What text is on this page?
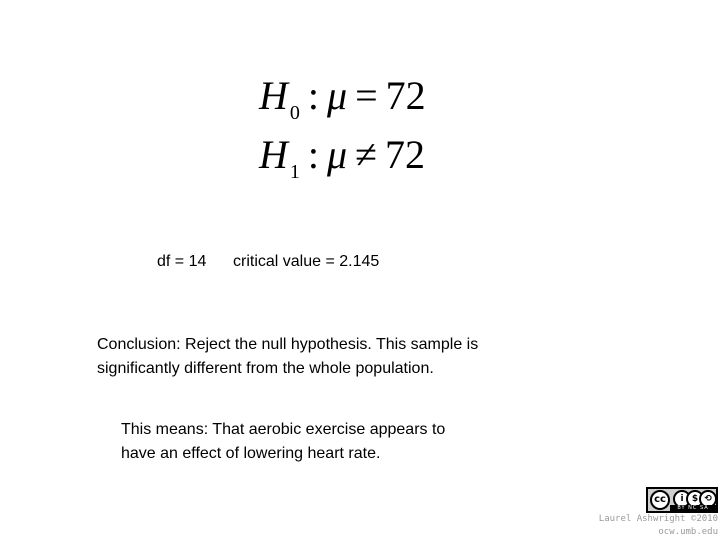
H $_0$ : μ = 72
H $_1$ : μ ≠ 72
df = 14 critical value = 2.145
Conclusion: Reject the null hypothesis. This sample is
significantly different from the whole population.
This means: That aerobic exercise appears to
have an effect of lowering heart rate.
cc	i $ ⟲
BY NC SA
Laurel Ashwright ©2010
ocw.umb.edu
